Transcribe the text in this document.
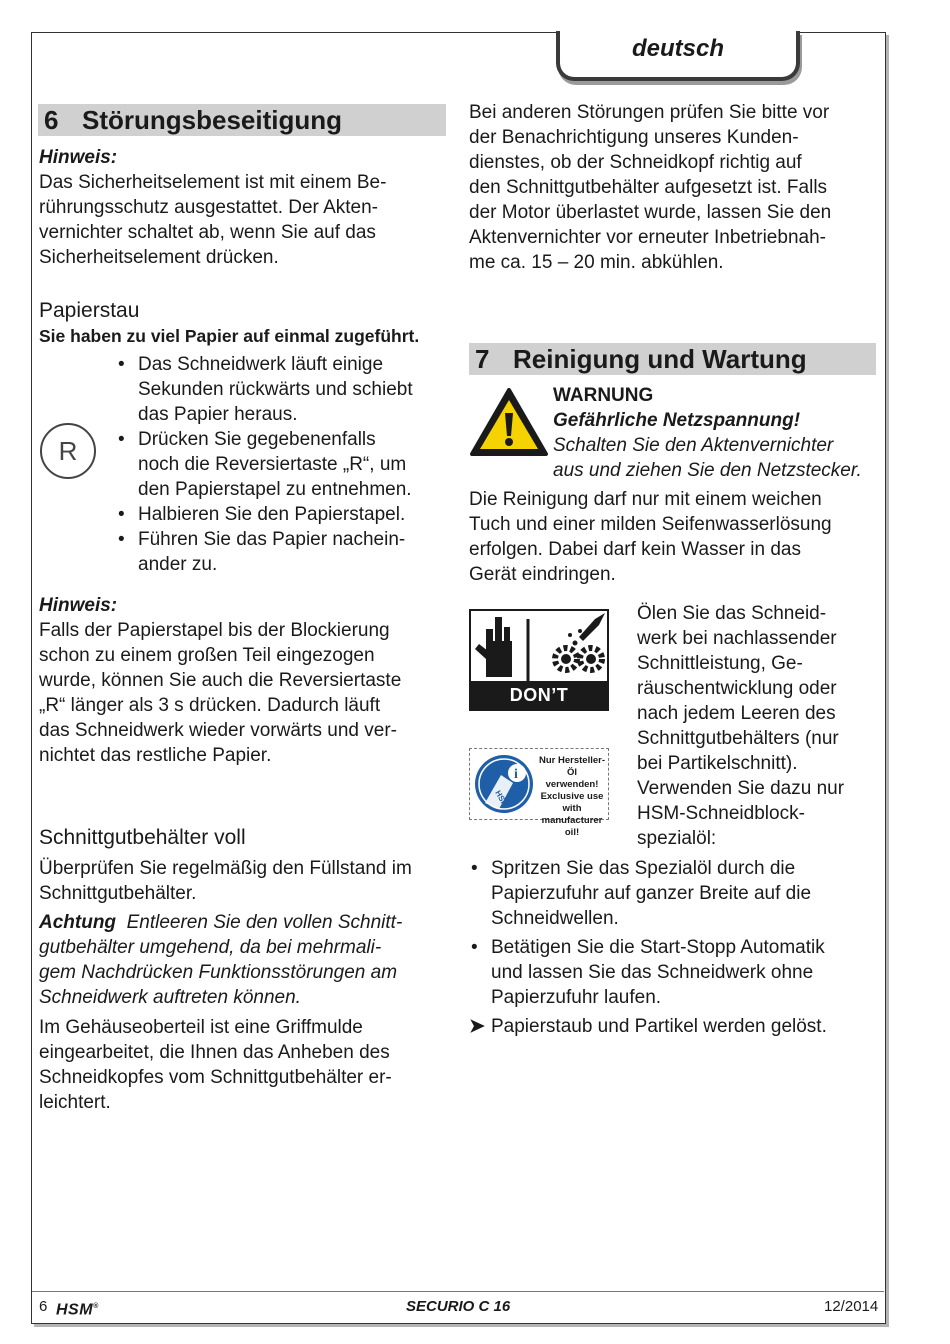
deutsch
6 Störungsbeseitigung
Hinweis:
Das Sicherheitselement ist mit einem Be-
rührungsschutz ausgestattet. Der Akten-
vernichter schaltet ab, wenn Sie auf das
Sicherheitselement drücken.
Papierstau
Sie haben zu viel Papier auf einmal zugeführt.
R
• Das Schneidwerk läuft einige
Sekunden rückwärts und schiebt
das Papier heraus.
• Drücken Sie gegebenenfalls
noch die Reversiertaste „R“, um
den Papierstapel zu entnehmen.
• Halbieren Sie den Papierstapel.
• Führen Sie das Papier nachein-
ander zu.
Hinweis:
Falls der Papierstapel bis der Blockierung
schon zu einem großen Teil eingezogen
wurde, können Sie auch die Reversiertaste
„R“ länger als 3 s drücken. Dadurch läuft
das Schneidwerk wieder vorwärts und ver-
nichtet das restliche Papier.
Schnittgutbehälter voll
Überprüfen Sie regelmäßig den Füllstand im
Schnittgutbehälter.
Achtung Entleeren Sie den vollen Schnitt-
gutbehälter umgehend, da bei mehrmali-
gem Nachdrücken Funktionsstörungen am
Schneidwerk auftreten können.
Im Gehäuseoberteil ist eine Griffmulde
eingearbeitet, die Ihnen das Anheben des
Schneidkopfes vom Schnittgutbehälter er-
leichtert.
Bei anderen Störungen prüfen Sie bitte vor
der Benachrichtigung unseres Kunden-
dienstes, ob der Schneidkopf richtig auf
den Schnittgutbehälter aufgesetzt ist. Falls
der Motor überlastet wurde, lassen Sie den
Aktenvernichter vor erneuter Inbetriebnah-
me ca. 15 – 20 min. abkühlen.
7 Reinigung und Wartung
WARNUNG
Gefährliche Netzspannung!
Schalten Sie den Aktenvernichter
aus und ziehen Sie den Netzstecker.
Die Reinigung darf nur mit einem weichen
Tuch und einer milden Seifenwasserlösung
erfolgen. Dabei darf kein Wasser in das
Gerät eindringen.
DON’T FORGET
HSM
i
Nur Hersteller-Öl
verwenden!
Exclusive use with
manufacturer oil!
Ölen Sie das Schneid-
werk bei nachlassender
Schnittleistung, Ge-
räuschentwicklung oder
nach jedem Leeren des
Schnittgutbehälters (nur
bei Partikelschnitt).
Verwenden Sie dazu nur
HSM-Schneidblock-
spezialöl:
• Spritzen Sie das Spezialöl durch die
Papierzufuhr auf ganzer Breite auf die
Schneidwellen.
• Betätigen Sie die Start-Stopp Automatik
und lassen Sie das Schneidwerk ohne
Papierzufuhr laufen.
➤ Papierstaub und Partikel werden gelöst.
6 HSM®	SECURIO C 16	12/2014
